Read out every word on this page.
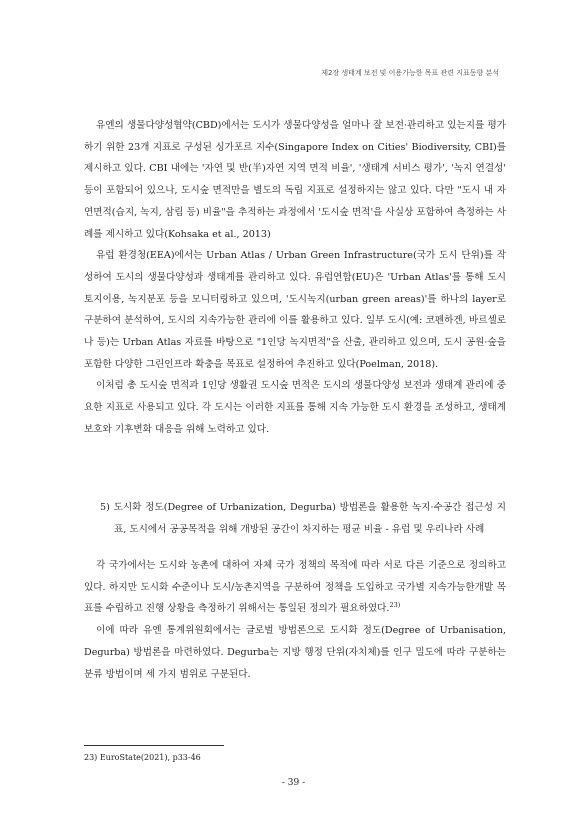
제2장 생태계 보전 및 이용가능한 목표 관련 지표동향 분석

유엔의 생물다양성협약(CBD)에서는 도시가 생물다양성을 얼마나 잘 보전·관리하고 있는지를 평가하기 위한 23개 지표로 구성된 싱가포르 지수(Singapore Index on Cities' Biodiversity, CBI)를 제시하고 있다. CBI 내에는 '자연 및 반(半)자연 지역 면적 비율', '생태계 서비스 평가', '녹지 연결성' 등이 포함되어 있으나, 도시숲 면적만을 별도의 독립 지표로 설정하지는 않고 있다. 다만 "도시 내 자연면적(습지, 녹지, 삼림 등) 비율"을 추적하는 과정에서 '도시숲 면적'을 사실상 포함하여 측정하는 사례를 제시하고 있다(Kohsaka et al., 2013)

유럽 환경청(EEA)에서는 Urban Atlas / Urban Green Infrastructure(국가 도시 단위)를 작성하여 도시의 생물다양성과 생태계를 관리하고 있다. 유럽연합(EU)은 'Urban Atlas'를 통해 도시 토지이용, 녹지분포 등을 모니터링하고 있으며, '도시녹지(urban green areas)'를 하나의 layer로 구분하여 분석하여, 도시의 지속가능한 관리에 이를 활용하고 있다. 일부 도시(예: 코펜하겐, 바르셀로나 등)는 Urban Atlas 자료를 바탕으로 "1인당 녹지면적"을 산출, 관리하고 있으며, 도시 공원·숲을 포함한 다양한 그린인프라 확충을 목표로 설정하여 추진하고 있다(Poelman, 2018).

이처럼 총 도시숲 면적과 1인당 생활권 도시숲 면적은 도시의 생물다양성 보전과 생태계 관리에 중요한 지표로 사용되고 있다. 각 도시는 이러한 지표를 통해 지속 가능한 도시 환경을 조성하고, 생태계 보호와 기후변화 대응을 위해 노력하고 있다.

5) 도시화 정도(Degree of Urbanization, Degurba) 방법론을 활용한 녹지·수공간 접근성 지표, 도시에서 공공목적을 위해 개방된 공간이 차지하는 평균 비율 - 유럽 및 우리나라 사례

각 국가에서는 도시와 농촌에 대하여 자체 국가 정책의 목적에 따라 서로 다른 기준으로 정의하고 있다. 하지만 도시화 수준이나 도시/농촌지역을 구분하여 정책을 도입하고 국가별 지속가능한개발 목표를 수립하고 진행 상황을 측정하기 위해서는 통일된 정의가 필요하였다.$^{23)}$

이에 따라 유엔 통계위원회에서는 글로벌 방법론으로 도시화 정도(Degree of Urbanisation, Degurba) 방법론을 마련하였다. Degurba는 지방 행정 단위(자치체)를 인구 밀도에 따라 구분하는 분류 방법이며 세 가지 범위로 구분된다.

23) EuroState(2021), p33-46
- 39 -
